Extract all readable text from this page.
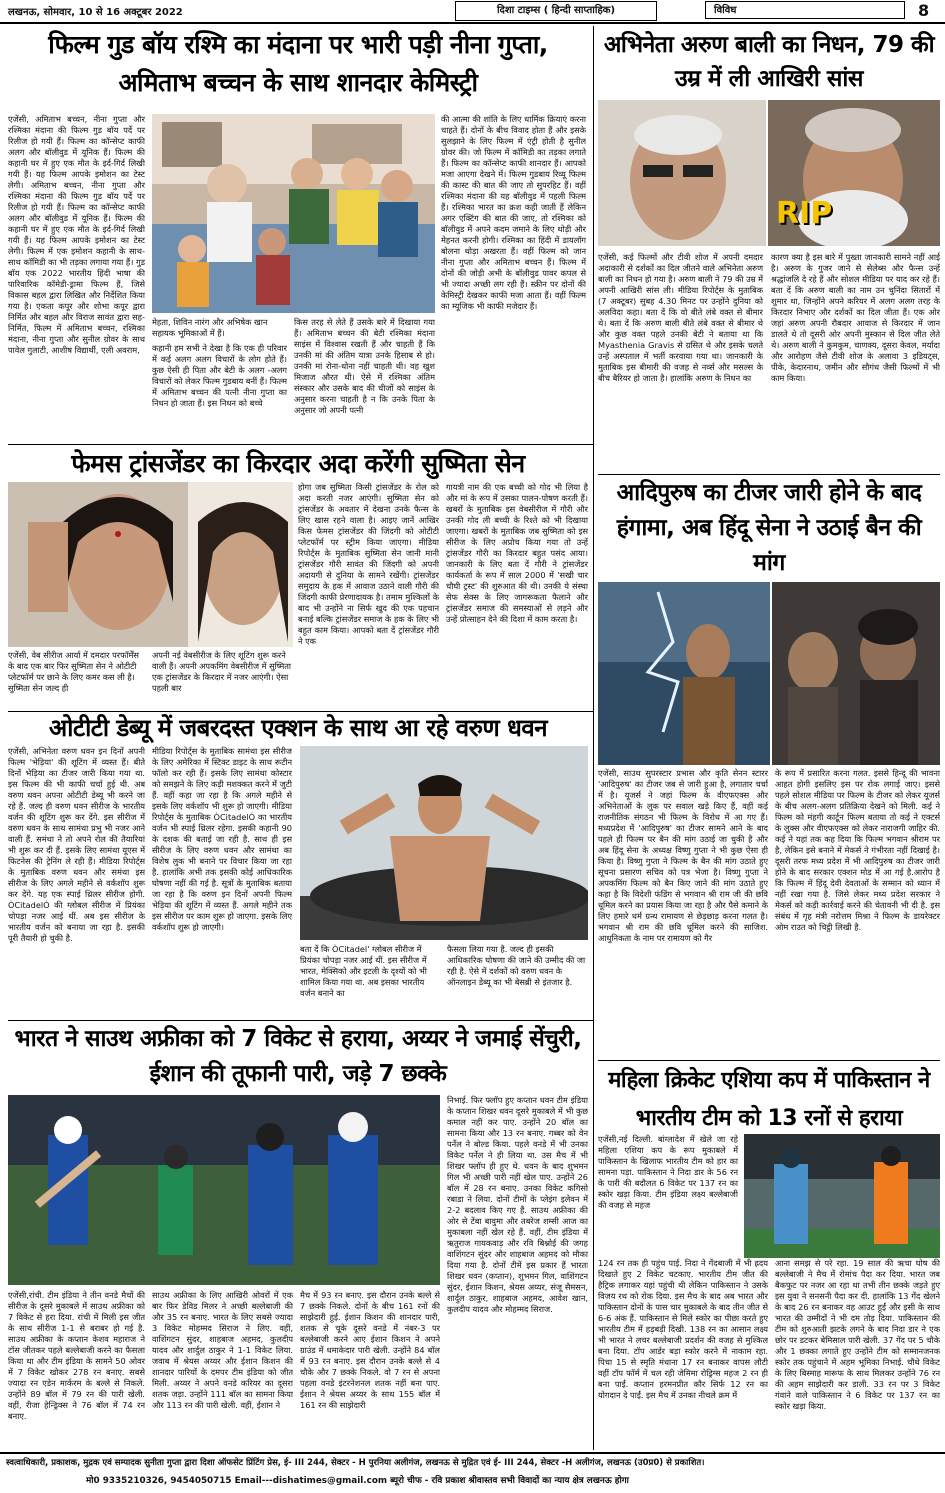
लखनऊ, सोमवार, 10 से 16 अक्टूबर 2022	दिशा टाइम्स ( हिन्दी साप्ताहिक)	विविध	8
फिल्म गुड बॉय रश्मि का मंदाना पर भारी पड़ी नीना गुप्ता, अमिताभ बच्चन के साथ शानदार केमिस्ट्री
एजेंसी, अमिताभ बच्चन, नीना गुप्ता और रश्मिका मंदाना की फिल्म गुड बॉय पर्दे पर रिलीज हो गयी हैं। फिल्म का कॉन्सेप्ट काफी अलग और बॉलीवुड में यूनिक हैं। फिल्म की कहानी घर में हुए एक मौत के इर्द-गिर्द लिखी गयी हैं। यह फिल्म आपके इमोशन का टेस्ट लेगी। अमिताभ बच्चन, नीना गुप्ता और रश्मिका मंदाना की फिल्म गुड बॉय पर्दे पर रिलीज हो गयी हैं। फिल्म का कॉन्सेप्ट काफी अलग और बॉलीवुड में यूनिक हैं। फिल्म की कहानी घर में हुए एक मौत के इर्द-गिर्द लिखी गयी हैं। यह फिल्म आपके इमोशन का टेस्ट लेगी। फिल्म में एक इमोशन कहानी के साथ-साथ कॉमिडी का भी तड़का लगाया गया हैं। गुड बॉय एक 2022 भारतीय हिंदी भाषा की पारिवारिक कॉमेडी-ड्रामा फिल्म हैं, जिसे विकास बहल द्वारा लिखित और निर्देशित किया गया है। एकता कपूर और शोभा कपूर द्वारा निर्मित और बहल और विराज सावंत द्वारा सह-निर्मित, फिल्म में अमिताभ बच्चन, रश्मिका मंदाना, नीना गुप्ता और सुनील ग्रोवर के साथ पावेल गुलाटी, आशीष विद्यार्थी, एली अवराम,
मेहता, शिविन नारंग और अभिषेक खान सहायक भूमिकाओं में हैं।
कहानी हम सभी ने देखा है कि एक ही परिवार में कई अलग अलग विचारों के लोग होते हैं। कुछ ऐसी ही पिता और बेटी के अलग -अलग विचारों को लेकर फिल्म गुडबाय बनीं हैं। फिल्म में अमिताभ बच्चन की पत्नी नीना गुप्ता का निधन हो जाता हैं। इस निधन को बच्चे
किस तरह से लेते हैं उसके बारे में दिखाया गया हैं। अमिताभ बच्चन की बेटी रश्मिका मंदाना साइंस में विश्वास रखती हैं और चाहती हैं कि उनकी मां की अंतिम यात्रा उनके हिसाब से हो। उनकी मां रोना-धोना नहीं चाहती थी। वह खुश मिजाज औरत थी। ऐसे में रश्मिका अंतिम संस्कार और उसके बाद की चीजों को साइंस के अनुसार करना चाहती है न कि उनके पिता के अनुसार जो अपनी पत्नी
की आत्मा की शांति के लिए धार्मिक क्रियाएं करना चाहते हैं। दोनों के बीच विवाद होता हैं और इसके सुलझाने के लिए फिल्म में एंट्री होती है सुनील ग्रोवर की। जो फिल्म में कॉमिडी का तड़का लगाते हैं। फिल्म का कॉन्सेप्ट काफी शानदार हैं। आपको मजा आएगा देखने में। फिल्म गुडबाय रिव्यू फिल्म की कास्ट की बात की जाए तो सुपरहिट हैं। वहीं रश्मिका मंदाना की यह बॉलीवुड में पहली फिल्म हैं। रश्मिका भारत का क्रश कही जाती हैं लेकिन अगर एक्टिंग की बात की जाए, तो रश्मिका को बॉलीवुड में अपने कदम जमाने के लिए थोड़ी और मेहनत करनी होगी। रश्मिका का हिंदी में डायलॉग बोलना थोड़ा अखरता हैं। वहीं फिल्म को जान नीना गुप्ता और अमिताभ बच्चन हैं। फिल्म में दोनों की जोड़ी अभी के बॉलीवुड पावर कपल से भी ज्यादा अच्छी लग रही हैं। स्क्रीन पर दोनों की केमिस्ट्री देखकर काफी मजा आता हैं। वहीं फिल्म का म्यूजिक भी काफी मजेदार हैं।
अभिनेता अरुण बाली का निधन, 79 की उम्र में ली आखिरी सांस
RIP
एजेंसी, कई फिल्मों और टीवी शोज में अपनी दमदार अदाकारी से दर्शकों का दिल जीतने वाले अभिनेता अरुण बाली का निधन हो गया है। अरुण बाली ने 79 की उम्र में अपनी आखिरी सांस ली। मीडिया रिपोर्ट्स के मुताबिक (7 अक्टूबर) सुबह 4.30 मिनट पर उन्होंने दुनिया को अलविदा कहा। बता दें कि वो बीते लंबे वक्त से बीमार थे। बता दें कि अरुण बाली बीते लंबे वक्त से बीमार थे और कुछ वक्त पहले उनकी बेटी ने बताया था कि Myasthenia Gravis से ग्रसित थे और इसके चलते उन्हें अस्पताल में भर्ती करवाया गया था। जानकारी के मुताबिक इस बीमारी की वजह से नर्व्स और मसल्स के बीच बैरियर हो जाता है। हालांकि अरुण के निधन का
कारण क्या है इस बारे में पुख्ता जानकारी सामने नहीं आई है। अरुण के गुजर जाने से सेलेब्स और फैन्स उन्हें श्रद्धांजलि दे रहे हैं और सोशल मीडिया पर याद कर रहे हैं। बता दें कि अरुण बाली का नाम उन चुनिंदा सितारों में शुमार था, जिन्होंने अपने करियर में अलग अलग तरह के किरदार निभाए और दर्शकों का दिल जीता हैं। एक ओर जहां अरुण अपनी रौबदार आवाज से किरदार में जान डालते थे तो दूसरी ओर अपनी मुस्कान से दिल जीत लेते थे। अरुण बाली ने कुमकुम, चाणक्य, दूसरा केवल, मर्यादा और आरोहण जैसे टीवी शोज के अलावा 3 इडियट्स, पीके, केदारनाथ, जमीन और सौगंध जैसी फिल्मों में भी काम किया।
फेमस ट्रांसजेंडर का किरदार अदा करेंगी सुष्मिता सेन
एजेंसी, वेब सीरीज आर्या में दमदार परफॉर्मेंस के बाद एक बार फिर सुष्मिता सेन ने ओटीटी प्लेटफॉर्म पर छाने के लिए कमर कस ली है। सुष्मिता सेन जल्द ही
अपनी नई वेबसीरीज के लिए शूटिंग शुरू करने वाली हैं। अपनी अपकमिंग वेबसीरीज में सुष्मिता एक ट्रांसजेंडर के किरदार में नजर आएंगी। ऐसा पहली बार
होगा जब सुष्मिता किसी ट्रांसजेंडर के रोल को अदा करती नजर आएंगी। सुष्मिता सेन को ट्रांसजेंडर के अवतार में देखना उनके फैन्स के लिए खास रहने वाला है। आइए जानें आखिर किस फेमस ट्रांसजेंडर की जिंदगी को ओटीटी प्लेटफॉर्म पर स्ट्रीम किया जाएगा। मीडिया रिपोर्ट्स के मुताबिक सुष्मिता सेन जानी मानी ट्रांसजेंडर गौरी सावंत की जिंदगी को अपनी अदायगी से दुनिया के सामने रखेंगी। ट्रांसजेंडर समुदाय के हक में आवाज उठाने वाली गौरी की जिंदगी काफी प्रेरणादायक है। तमाम मुश्किलों के बाद भी उन्होंने ना सिर्फ खुद की एक पहचान बनाई बल्कि ट्रांसजेंडर समाज के हक के लिए भी बहुत काम किया। आपको बता दें ट्रांसजेंडर गौरी ने एक
गायत्री नाम की एक बच्ची को गोद भी लिया है और मां के रूप में उसका पालन-पोषण करती हैं। खबरों के मुताबिक इस वेबसीरीज में गौरी और उनकी गोद ली बच्ची के रिश्ते को भी दिखाया जाएगा। खबरों के मुताबिक जब सुष्मिता को इस सीरीज के लिए अप्रोच किया गया तो उन्हें ट्रांसजेंडर गौरी का किरदार बहुत पसंद आया। जानकारी के लिए बता दें गौरी ने ट्रांसजेंडर कार्यकर्ता के रूप में साल 2000 में 'सखी चार चौघी ट्रस्ट' की शुरुआत की थी। उनकी ये संस्था सेफ सेक्स के लिए जागरूकता फैलाने और ट्रांसजेंडर समाज की समस्याओं से लड़ने और उन्हें प्रोत्साहन देने की दिशा में काम करता है।
आदिपुरुष का टीजर जारी होने के बाद हंगामा, अब हिंदू सेना ने उठाई बैन की मांग
एजेंसी, साउथ सुपरस्टार प्रभास और कृति सेनन स्टारर 'आदिपुरुष' का टीजर जब से जारी हुआ है, लगातार चर्चा में है। यूजर्स ने जहां फिल्म के वीएफएक्स और अभिनेताओं के लुक पर सवाल खड़े किए हैं, वहीं कई राजनीतिक संगठन भी फिल्म के विरोध में आ गए हैं। मध्यप्रदेश में 'आदिपुरुष' का टीजर सामने आने के बाद पहले ही फिल्म पर बैन की मांग उठाई जा चुकी है और अब हिंदू सेना के अध्यक्ष विष्णु गुप्ता ने भी कुछ ऐसा ही किया है। विष्णु गुप्ता ने फिल्म के बैन की मांग उठाते हुए सूचना प्रसारण सचिव को पत्र भेजा है। विष्णु गुप्ता ने अपकमिंग फिल्म को बैन किए जाने की मांग उठाते हुए कहा है कि विदेशी फंडिंग से भगवान श्री राम जी की छवि धूमिल करने का प्रयास किया जा रहा है और पैसे कमाने के लिए हमारे धर्म ग्रन्थ रामायण से छेड़छाड़ करना गलत है। भगवान श्री राम की छवि धूमिल करने की साजिश. आधुनिकता के नाम पर रामायण को गैर
के रूप में प्रसारित करना गलत. इससे हिन्दू की भावना आहत होगी इसलिए इस पर रोक लगाई जाए। इससे पहले सोशल मीडिया पर फिल्म के टीजर को लेकर यूजर्स के बीच अलग-अलग प्रतिक्रिया देखने को मिली. कई ने फिल्म को मंहगी कार्टून फिल्म बताया तो कई ने एक्टर्स के लुक्स और वीएफएक्स को लेकर नाराजगी जाहिर की. कई ने यहां तक कह दिया कि फिल्म भगवान श्रीराम पर है, लेकिन इसे बनाने में मेकर्स ने गंभीरता नहीं दिखाई है। दूसरी तरफ मध्य प्रदेश में भी आदिपुरुष का टीजर जारी होने के बाद सरकार एक्शन मोड में आ गई है.आरोप है कि फिल्म में हिंदू देवी देवताओं के सम्मान को ध्यान में नहीं रखा गया है. जिसे लेकर मध्य प्रदेश सरकार ने मेकर्स को कड़ी कार्रवाई करने की चेतावनी भी दी है. इस संबंध में गृह मंत्री नरोत्तम मिश्रा ने फिल्म के डायरेक्टर ओम राउत को चिट्ठी लिखी है.
ओटीटी डेब्यू में जबरदस्त एक्शन के साथ आ रहे वरुण धवन
एजेंसी, अभिनेता वरुण धवन इन दिनों अपनी फिल्म 'भेड़िया' की शूटिंग में व्यस्त हैं। बीते दिनों भेड़िया का टीजर जारी किया गया था. इस फिल्म की भी काफी चर्चा हुई थी. अब वरुण धवन अपना ओटीटी डेब्यू भी करने जा रहे हैं. जल्द ही वरुण धवन सीरीज के भारतीय वर्जन की शूटिंग शुरू कर देंगे. इस सीरीज में वरुण धवन के साथ सामंथा प्रभु भी नजर आने वाली हैं. समंथा ने तो अपने रोल की तैयारियां भी शुरू कर दी हैं. इसके लिए सामंथा यूएस में फिटनेस की ट्रेनिंग ले रही हैं। मीडिया रिपोर्ट्स के मुताबिक वरुण धवन और समंथा इस सीरीज के लिए अगले महीने से वर्कशॉप शुरू कर देंगे. यह एक स्पाई थ्रिलर सीरीज होगी. ÒCitadelÓ की ग्लोबल सीरीज में प्रियंका चोपड़ा नजर आई थीं. अब इस सीरीज के भारतीय वर्जन को बनाया जा रहा है. इसकी पूरी तैयारी हो चुकी है.
मीडिया रिपोर्ट्स के मुताबिक सामंथा इस सीरीज के लिए अमेरिका में स्टिक्ट डाइट के साथ रूटीन फॉलो कर रही हैं। इसके लिए सामंथा कोस्टार को समझने के लिए कड़ी मशक्कत करने में जुटी हैं. वहीं कहा जा रहा है कि अगले महीने से इसके लिए वर्कशॉप भी शुरू हो जाएगी। मीडिया रिपोर्ट्स के मुताबिक ÒCitadelÓ का भारतीय वर्जन भी स्पाई थ्रिलर रहेगा. इसकी कहानी 90 के दशक की बताई जा रही है. साथ ही इस सीरीज के लिए वरुण धवन और सामंथा का विशेष लुक भी बनाने पर विचार किया जा रहा है. हालांकि अभी तक इसकी कोई आधिकारिक घोषणा नहीं की गई है. सूत्रों के मुताबिक बताया जा रहा है कि वरुण इन दिनों अपनी फिल्म भेड़िया की शूटिंग में व्यस्त हैं. अगले महीने तक इस सीरीज पर काम शुरू हो जाएगा. इसके लिए वर्कशॉप शुरू हो जाएगी।
बता दें कि ÒCitadel' ग्लोबल सीरीज में प्रियंका चोपड़ा नजर आई थीं. इस सीरीज में भारत, मेक्सिको और इटली के दृश्यों को भी शामिल किया गया था. अब इसका भारतीय वर्जन बनाने का
फैसला लिया गया है. जल्द ही इसकी आधिकारिक घोषणा की जाने की उम्मीद की जा रही है. ऐसे में दर्शकों को वरुण धवन के ऑनलाइन डेब्यू का भी बेसब्री से इंतजार है.
भारत ने साउथ अफ्रीका को 7 विकेट से हराया, अय्यर ने जमाई सेंचुरी, ईशान की तूफानी पारी, जड़े 7 छक्के
एजेंसी,रांची. टीम इंडिया ने तीन वनडे मैचों की सीरीज के दूसरे मुकाबले में साउथ अफ्रीका को 7 विकेट से हरा दिया. रांची में मिली इस जीत के साथ सीरीज 1-1 से बराबर हो गई है. साउथ अफ्रीका के कप्तान केशव महाराज ने टॉस जीतकर पहले बल्लेबाजी करने का फैसला किया था और टीम इंडिया के सामने 50 ओवर में 7 विकेट खोकर 278 रन बनाए. सबसे ज्यादा रन एडेन मार्करम के बल्ले से निकले. उन्होंने 89 बॉल में 79 रन की पारी खेली. वहीं, रीजा हेन्ड्रिक्स ने 76 बॉल में 74 रन बनाए.
साउथ अफ्रीका के लिए आखिरी ओवरों में एक बार फिर डेविड मिलर ने अच्छी बल्लेबाजी की और 35 रन बनाए. भारत के लिए सबसे ज्यादा 3 विकेट मोहम्मद सिराज ने लिए. वहीं, वाशिंगटन सुंदर, शाहबाज अहमद, कुलदीप यादव और शार्दुल ठाकुर ने 1-1 विकेट लिया. जवाब में श्रेयस अय्यर और ईशान किशन की शानदार पारियों के दमपर टीम इंडिया को जीत मिली. अय्यर ने अपने वनडे करियर का दूसरा शतक जड़ा. उन्होंने 111 बॉल का सामना किया और 113 रन की पारी खेली. वहीं, ईशान ने
मैच में 93 रन बनाए. इस दौरान उनके बल्ले से 7 छक्के निकले. दोनों के बीच 161 रनों की साझेदारी हुई. ईशान किशन की शानदार पारी, शतक से चूके दूसरे वनडे में नंबर-3 पर बल्लेबाजी करने आए ईशान किशन ने अपने ग्राउंड में धमाकेदार पारी खेली. उन्होंने 84 बॉल में 93 रन बनाए. इस दौरान उनके बल्ले से 4 चौके और 7 छक्के निकले. वो 7 रन से अपना पहला वनडे इंटरनेशनल शतक नहीं बना पाए. ईशान ने श्रेयस अय्यर के साथ 155 बॉल में 161 रन की साझेदारी
निभाई. फिर फ्लॉप हुए कप्तान धवन टीम इंडिया के कप्तान शिखर धवन दूसरे मुकाबले में भी कुछ कमाल नहीं कर पाए. उन्होंने 20 बॉल का सामना किया और 13 रन बनाए. गब्बर को वेन पर्नेल ने बोल्ड किया. पहले वनडे में भी उनका विकेट पर्नेल ने ही लिया था. उस मैच में भी शिखर फ्लॉप ही हुए थे. धवन के बाद शुभमन गिल भी अच्छी पारी नहीं खेल पाए. उन्होंने 26 बॉल में 28 रन बनाए. उनका विकेट कगिसो रबाडा ने लिया. दोनों टीमों के प्लेइंग इलेवन में 2-2 बदलाव किए गए हैं. साउथ अफ्रीका की ओर से टेंबा बावुमा और तबरेज शम्सी आज का मुकाबला नहीं खेल रहे हैं. वहीं, टीम इंडिया में ऋतुराज गायकवाड़ और रवि बिश्नोई की जगह वाशिंगटन सुंदर और शाहबाज अहमद को मौका दिया गया है. दोनों टीमें इस प्रकार हैं भारतः शिखर धवन (कप्तान), शुभमन गिल, वाशिंगटन सुंदर, ईशान किशन, श्रेयस अय्यर, संजू सैमसन, शार्दुल ठाकुर, शाहबाज अहमद, आवेश खान, कुलदीप यादव और मोहम्मद सिराज.
महिला क्रिकेट एशिया कप में पाकिस्तान ने भारतीय टीम को 13 रनों से हराया
एजेंसी,नई दिल्ली. बांग्लादेश में खेले जा रहे महिला एशिया कप के रूप मुकाबले में पाकिस्तान के खिलाफ भारतीय टीम को हार का सामना पड़ा. पाकिस्तान ने निदा डार के 56 रन के पारी की बदौलत 6 विकेट पर 137 रन का स्कोर खड़ा किया. टीम इंडिया लक्ष्य बल्लेबाजी की वजह से महज
124 रन तक ही पहुंच पाई. निदा ने गेंदबाजी में भी ह्रदय दिखाते हुए 2 विकेट चटकाए. भारतीय टीम जीत की हैट्रिक लगाकर यहां पहुंची थी लेकिन पाकिस्तान ने उसके विजय रथ को रोक दिया. इस मैच के बाद अब भारत और पाकिस्तान दोनों के पास चार मुकाबले के बाद तीन जीत से 6-6 अंक हैं. पाकिस्तान से मिले स्कोर का पीछा करते हुए भारतीय टीम में हड़बड़ी दिखी. 138 रन का आसान लक्ष्य भी भारत ने लचर बल्लेबाजी प्रदर्शन की वजह से मुश्किल बना दिया. टॉप आर्डर बड़ा स्कोर करने में नाकाम रहा. पिचा 15 से स्मृति मंधाना 17 रन बनाकर वापस लौटी वहीं टॉप फॉर्म में चल रही जेमिमा रोड्रिग्स महज 2 रन ही बना पाईं. कप्तान हरमनप्रीत कौर सिर्फ 12 रन का योगदान दे पाईं. इस मैच में उनका नीचले क्रम में
आना समझ से परे रहा. 19 साल की ऋचा घोष की बल्लेबाजी ने मैच में रोमांच पैदा कर दिया. भारत जब बैकफुट पर नजर आ रहा था तभी तीन छक्के जड़ते हुए इस युवा ने सनसनी पैदा कर दी. हालांकि 13 गेंद खेलने के बाद 26 रन बनाकर वह आउट हुईं और इसी के साथ भारत की उम्मीदों ने भी दम तोड़ दिया. पाकिस्तान की टीम को शुरुआती झटके लगने के बाद निदा डार ने एक छोर पर डटकर बेमिसाल पारी खेली. 37 गेंद पर 5 चौके और 1 छक्का लगाते हुए उन्होंने टीम को सम्मानजनक स्कोर तक पहुंचाने में अहम भूमिका निभाई. चौथे विकेट के लिए बिस्माह मारूफ के साथ मिलकर उन्होंने 76 रन की अहम साझेदारी कर डाली. 33 रन पर 3 विकेट गंवाने वाले पाकिस्तान ने 6 विकेट पर 137 रन का स्कोर खड़ा किया.
स्वत्वाधिकारी, प्रकाशक, मुद्रक एवं सम्पादक सुनीता गुप्ता द्वारा दिशा ऑफसेट प्रिंटिंग प्रेस, ई- III 244, सेक्टर - H पुरनिया अलीगंज, लखनऊ से मुद्रित एवं ई- III 244, सेक्टर -H अलीगंज, लखनऊ (उ0प्र0) से प्रकाशित।
मो0 9335210326, 9454050715 Email---dishatimes@gmail.com ब्यूरो चीफ - रवि प्रकाश श्रीवास्तव सभी विवादों का न्याय क्षेत्र लखनऊ होगा
